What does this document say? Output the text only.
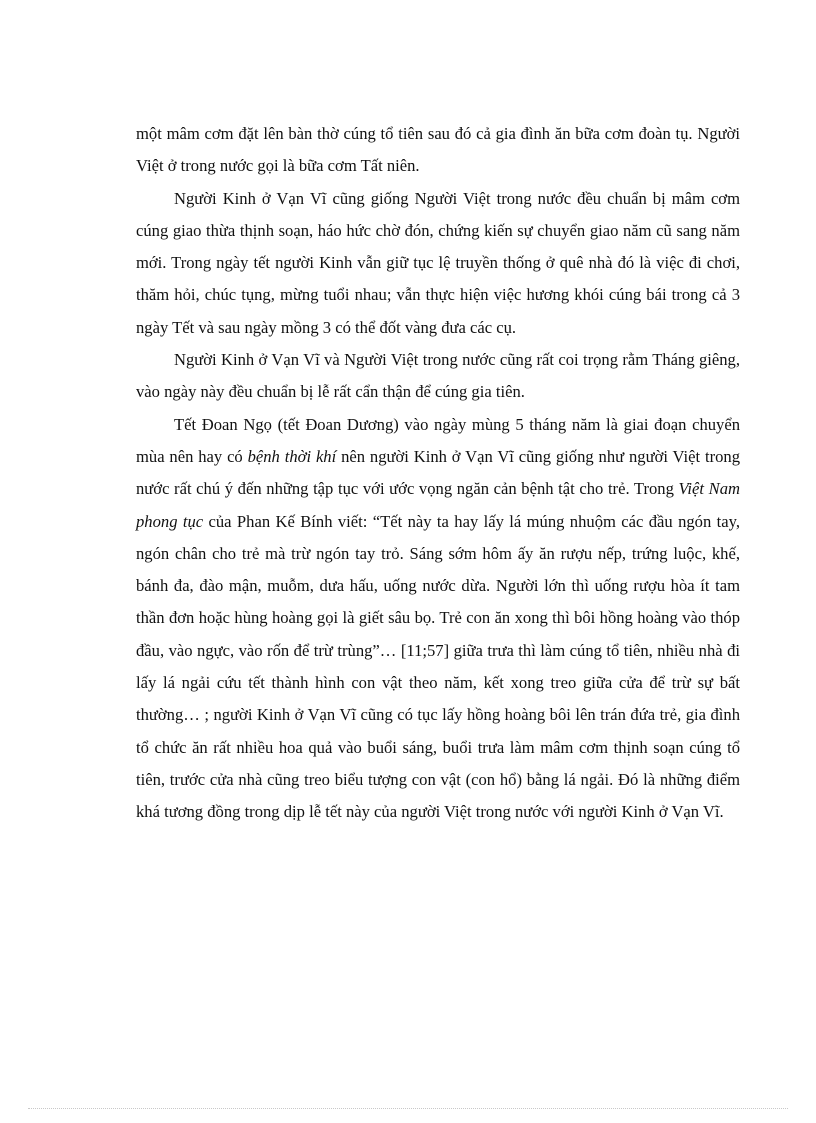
một mâm cơm đặt lên bàn thờ cúng tổ tiên sau đó cả gia đình ăn bữa cơm đoàn tụ. Người Việt ở trong nước gọi là bữa cơm Tất niên.

Người Kinh ở Vạn Vĩ cũng giống Người Việt trong nước đều chuẩn bị mâm cơm cúng giao thừa thịnh soạn, háo hức chờ đón, chứng kiến sự chuyển giao năm cũ sang năm mới. Trong ngày tết người Kinh vẫn giữ tục lệ truyền thống ở quê nhà đó là việc đi chơi, thăm hỏi, chúc tụng, mừng tuổi nhau; vẫn thực hiện việc hương khói cúng bái trong cả 3 ngày Tết và sau ngày mồng 3 có thể đốt vàng đưa các cụ.

Người Kinh ở Vạn Vĩ và Người Việt trong nước cũng rất coi trọng rằm Tháng giêng, vào ngày này đều chuẩn bị lễ rất cẩn thận để cúng gia tiên.

Tết Đoan Ngọ (tết Đoan Dương) vào ngày mùng 5 tháng năm là giai đoạn chuyển mùa nên hay có bệnh thời khí nên người Kinh ở Vạn Vĩ cũng giống như người Việt trong nước rất chú ý đến những tập tục với ước vọng ngăn cản bệnh tật cho trẻ. Trong Việt Nam phong tục của Phan Kế Bính viết: “Tết này ta hay lấy lá múng nhuộm các đầu ngón tay, ngón chân cho trẻ mà trừ ngón tay trỏ. Sáng sớm hôm ấy ăn rượu nếp, trứng luộc, khế, bánh đa, đào mận, muỗm, dưa hấu, uống nước dừa. Người lớn thì uống rượu hòa ít tam thần đơn hoặc hùng hoàng gọi là giết sâu bọ. Trẻ con ăn xong thì bôi hồng hoàng vào thóp đầu, vào ngực, vào rốn để trừ trùng”… [11;57] giữa trưa thì làm cúng tổ tiên, nhiều nhà đi lấy lá ngải cứu tết thành hình con vật theo năm, kết xong treo giữa cửa để trừ sự bất thường… ; người Kinh ở Vạn Vĩ cũng có tục lấy hồng hoàng bôi lên trán đứa trẻ, gia đình tổ chức ăn rất nhiều hoa quả vào buổi sáng, buổi trưa làm mâm cơm thịnh soạn cúng tổ tiên, trước cửa nhà cũng treo biểu tượng con vật (con hổ) bằng lá ngải. Đó là những điểm khá tương đồng trong dịp lễ tết này của người Việt trong nước với người Kinh ở Vạn Vĩ.
